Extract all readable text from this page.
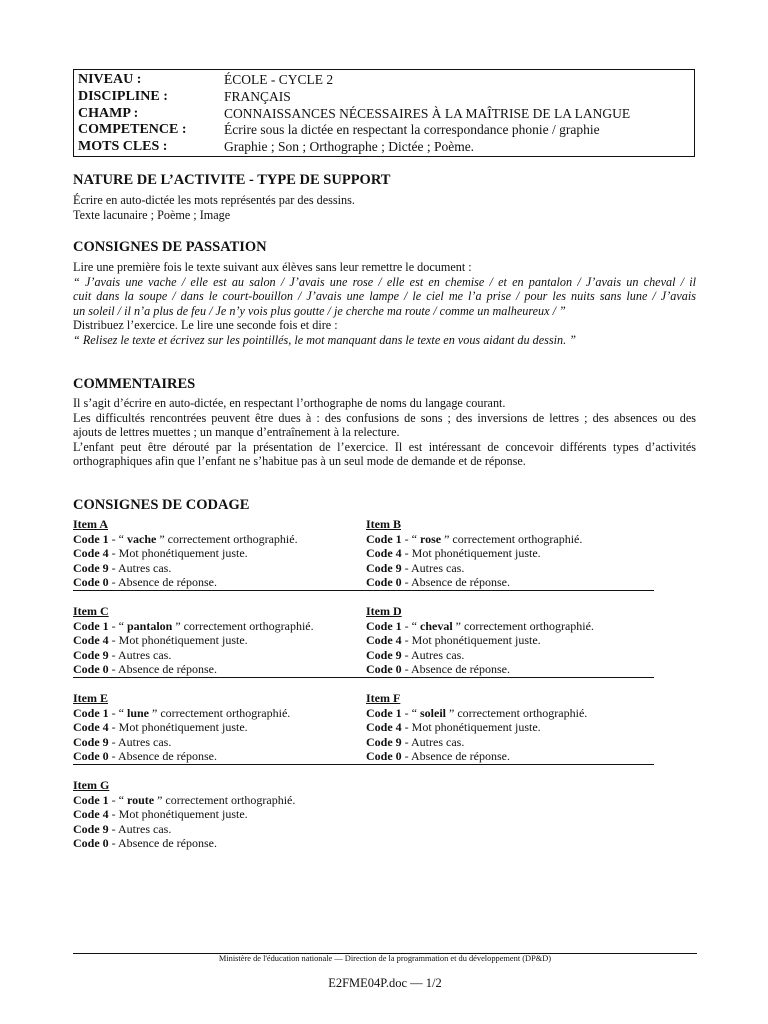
NIVEAU :	ÉCOLE - CYCLE 2
DISCIPLINE :	FRANÇAIS
CHAMP :	CONNAISSANCES NÉCESSAIRES À LA MAÎTRISE DE LA LANGUE
COMPETENCE :	Écrire sous la dictée en respectant la correspondance phonie / graphie
MOTS CLES :	Graphie ; Son ; Orthographe ; Dictée ; Poème.
NATURE DE L’ACTIVITE - TYPE DE SUPPORT
Écrire en auto-dictée les mots représentés par des dessins.
Texte lacunaire ; Poème ; Image
CONSIGNES DE PASSATION
Lire une première fois le texte suivant aux élèves sans leur remettre le document :
“ J’avais une vache / elle est au salon / J’avais une rose / elle est en chemise / et en pantalon / J’avais un cheval / il
cuit dans la soupe / dans le court-bouillon / J’avais une lampe / le ciel me l’a prise / pour les nuits sans lune / J’avais
un soleil / il n’a plus de feu / Je n’y vois plus goutte / je cherche ma route / comme un malheureux / ”
Distribuez l’exercice. Le lire une seconde fois et dire :
“ Relisez le texte et écrivez sur les pointillés, le mot manquant dans le texte en vous aidant du dessin. ”
COMMENTAIRES
Il s’agit d’écrire en auto-dictée, en respectant l’orthographe de noms du langage courant.
Les difficultés rencontrées peuvent être dues à : des confusions de sons ; des inversions de lettres ; des absences ou des
ajouts de lettres muettes ; un manque d’entraînement à la relecture.
L’enfant peut être dérouté par la présentation de l’exercice. Il est intéressant de concevoir différents types d’activités
orthographiques afin que l’enfant ne s’habitue pas à un seul mode de demande et de réponse.
CONSIGNES DE CODAGE
Item A
Code 1 - “ vache ” correctement orthographié.
Code 4 - Mot phonétiquement juste.
Code 9 - Autres cas.
Code 0 - Absence de réponse.
Item B
Code 1 - “ rose ” correctement orthographié.
Code 4 - Mot phonétiquement juste.
Code 9 - Autres cas.
Code 0 - Absence de réponse.
Item C
Code 1 - “ pantalon ” correctement orthographié.
Code 4 - Mot phonétiquement juste.
Code 9 - Autres cas.
Code 0 - Absence de réponse.
Item D
Code 1 - “ cheval ” correctement orthographié.
Code 4 - Mot phonétiquement juste.
Code 9 - Autres cas.
Code 0 - Absence de réponse.
Item E
Code 1 - “ lune ” correctement orthographié.
Code 4 - Mot phonétiquement juste.
Code 9 - Autres cas.
Code 0 - Absence de réponse.
Item F
Code 1 - “ soleil ” correctement orthographié.
Code 4 - Mot phonétiquement juste.
Code 9 - Autres cas.
Code 0 - Absence de réponse.
Item G
Code 1 - “ route ” correctement orthographié.
Code 4 - Mot phonétiquement juste.
Code 9 - Autres cas.
Code 0 - Absence de réponse.
Ministère de l'éducation nationale — Direction de la programmation et du développement (DP&D)
E2FME04P.doc — 1/2
